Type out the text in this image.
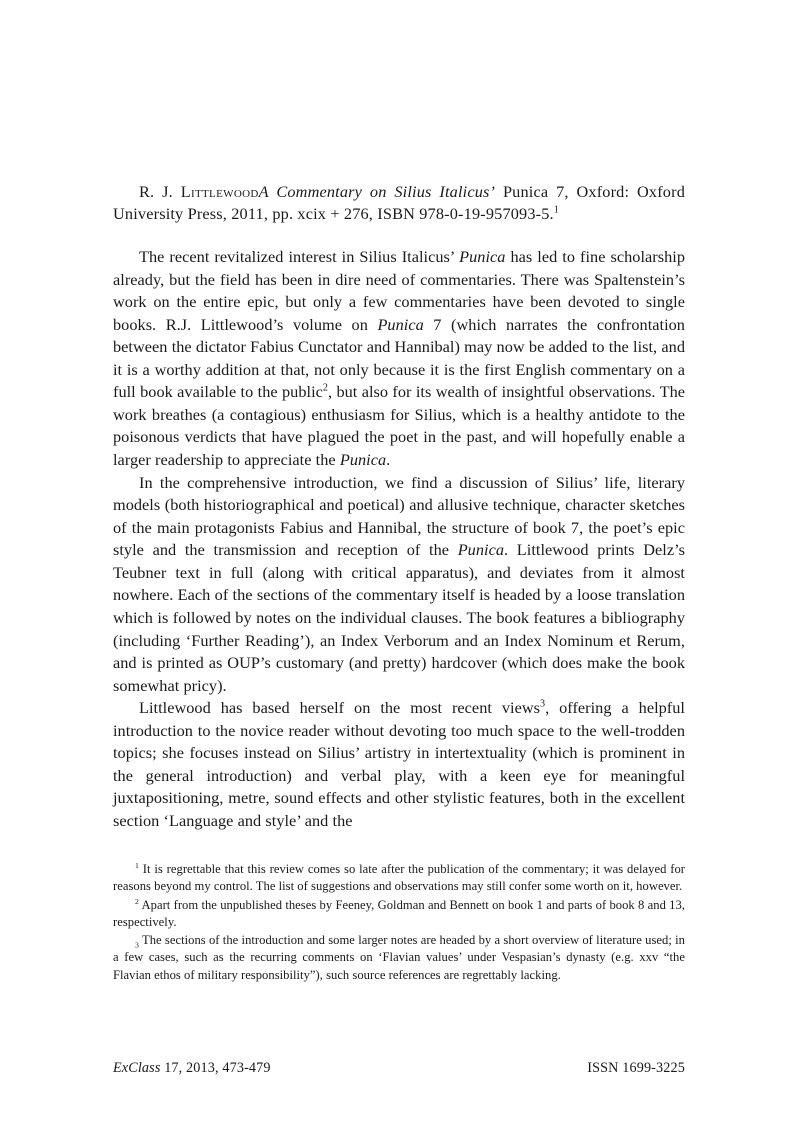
R. J. LittlewoodA Commentary on Silius Italicus’ Punica 7, Oxford: Oxford University Press, 2011, pp. xcix + 276, ISBN 978-0-19-957093-5.$^1$

The recent revitalized interest in Silius Italicus’ Punica has led to fine scholarship already, but the field has been in dire need of commentaries. There was Spaltenstein’s work on the entire epic, but only a few commentaries have been devoted to single books. R.J. Littlewood’s volume on Punica 7 (which narrates the confrontation between the dictator Fabius Cunctator and Hannibal) may now be added to the list, and it is a worthy addition at that, not only because it is the first English commentary on a full book available to the public$^2$, but also for its wealth of insightful observations. The work breathes (a contagious) enthusiasm for Silius, which is a healthy antidote to the poisonous verdicts that have plagued the poet in the past, and will hopefully enable a larger readership to appreciate the Punica.

In the comprehensive introduction, we find a discussion of Silius’ life, literary models (both historiographical and poetical) and allusive technique, character sketches of the main protagonists Fabius and Hannibal, the structure of book 7, the poet’s epic style and the transmission and reception of the Punica. Littlewood prints Delz’s Teubner text in full (along with critical apparatus), and deviates from it almost nowhere. Each of the sections of the commentary itself is headed by a loose translation which is followed by notes on the individual clauses. The book features a bibliography (including ‘Further Reading’), an Index Verborum and an Index Nominum et Rerum, and is printed as OUP’s customary (and pretty) hardcover (which does make the book somewhat pricy).

Littlewood has based herself on the most recent views$^3$, offering a helpful introduction to the novice reader without devoting too much space to the well-trodden topics; she focuses instead on Silius’ artistry in intertextuality (which is prominent in the general introduction) and verbal play, with a keen eye for meaningful juxtapositioning, metre, sound effects and other stylistic features, both in the excellent section ‘Language and style’ and the

$^1$ It is regrettable that this review comes so late after the publication of the commentary; it was delayed for reasons beyond my control. The list of suggestions and observations may still confer some worth on it, however.

$^2$ Apart from the unpublished theses by Feeney, Goldman and Bennett on book 1 and parts of book 8 and 13, respectively.

$_3$ The sections of the introduction and some larger notes are headed by a short overview of literature used; in a few cases, such as the recurring comments on ‘Flavian values’ under Vespasian’s dynasty (e.g. xxv “the Flavian ethos of military responsibility”), such source references are regrettably lacking.

ExClass 17, 2013, 473-479	ISSN 1699-3225
